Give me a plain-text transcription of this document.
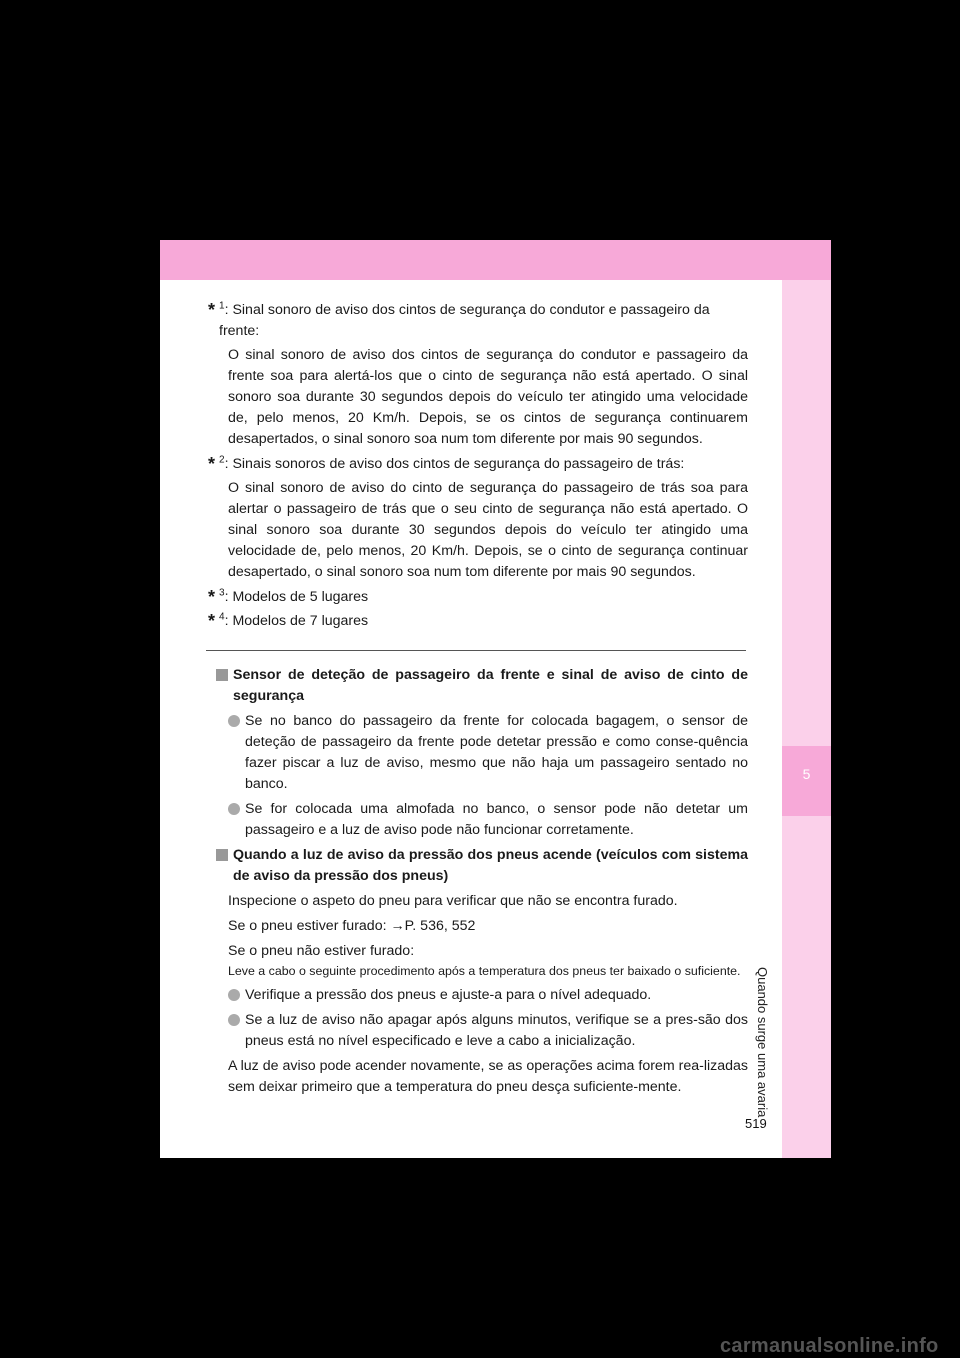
5
Quando surge uma avaria
* $^1$: Sinal sonoro de aviso dos cintos de segurança do condutor e passageiro da frente:

O sinal sonoro de aviso dos cintos de segurança do condutor e passageiro da frente soa para alertá-los que o cinto de segurança não está apertado. O sinal sonoro soa durante 30 segundos depois do veículo ter atingido uma velocidade de, pelo menos, 20 Km/h. Depois, se os cintos de segurança continuarem desapertados, o sinal sonoro soa num tom diferente por mais 90 segundos.

* $^2$: Sinais sonoros de aviso dos cintos de segurança do passageiro de trás:

O sinal sonoro de aviso do cinto de segurança do passageiro de trás soa para alertar o passageiro de trás que o seu cinto de segurança não está apertado. O sinal sonoro soa durante 30 segundos depois do veículo ter atingido uma velocidade de, pelo menos, 20 Km/h. Depois, se o cinto de segurança continuar desapertado, o sinal sonoro soa num tom diferente por mais 90 segundos.

* $^3$: Modelos de 5 lugares

* $^4$: Modelos de 7 lugares

Sensor de deteção de passageiro da frente e sinal de aviso de cinto de segurança
Se no banco do passageiro da frente for colocada bagagem, o sensor de deteção de passageiro da frente pode detetar pressão e como conse-quência fazer piscar a luz de aviso, mesmo que não haja um passageiro sentado no banco.
Se for colocada uma almofada no banco, o sensor pode não detetar um passageiro e a luz de aviso pode não funcionar corretamente.
Quando a luz de aviso da pressão dos pneus acende (veículos com sistema de aviso da pressão dos pneus)

Inspecione o aspeto do pneu para verificar que não se encontra furado.

Se o pneu estiver furado: →P. 536, 552

Se o pneu não estiver furado:

Leve a cabo o seguinte procedimento após a temperatura dos pneus ter baixado o suficiente.

Verifique a pressão dos pneus e ajuste-a para o nível adequado.
Se a luz de aviso não apagar após alguns minutos, verifique se a pres-são dos pneus está no nível especificado e leve a cabo a inicialização.

A luz de aviso pode acender novamente, se as operações acima forem rea-lizadas sem deixar primeiro que a temperatura do pneu desça suficiente-mente.

519
carmanualsonline.info
